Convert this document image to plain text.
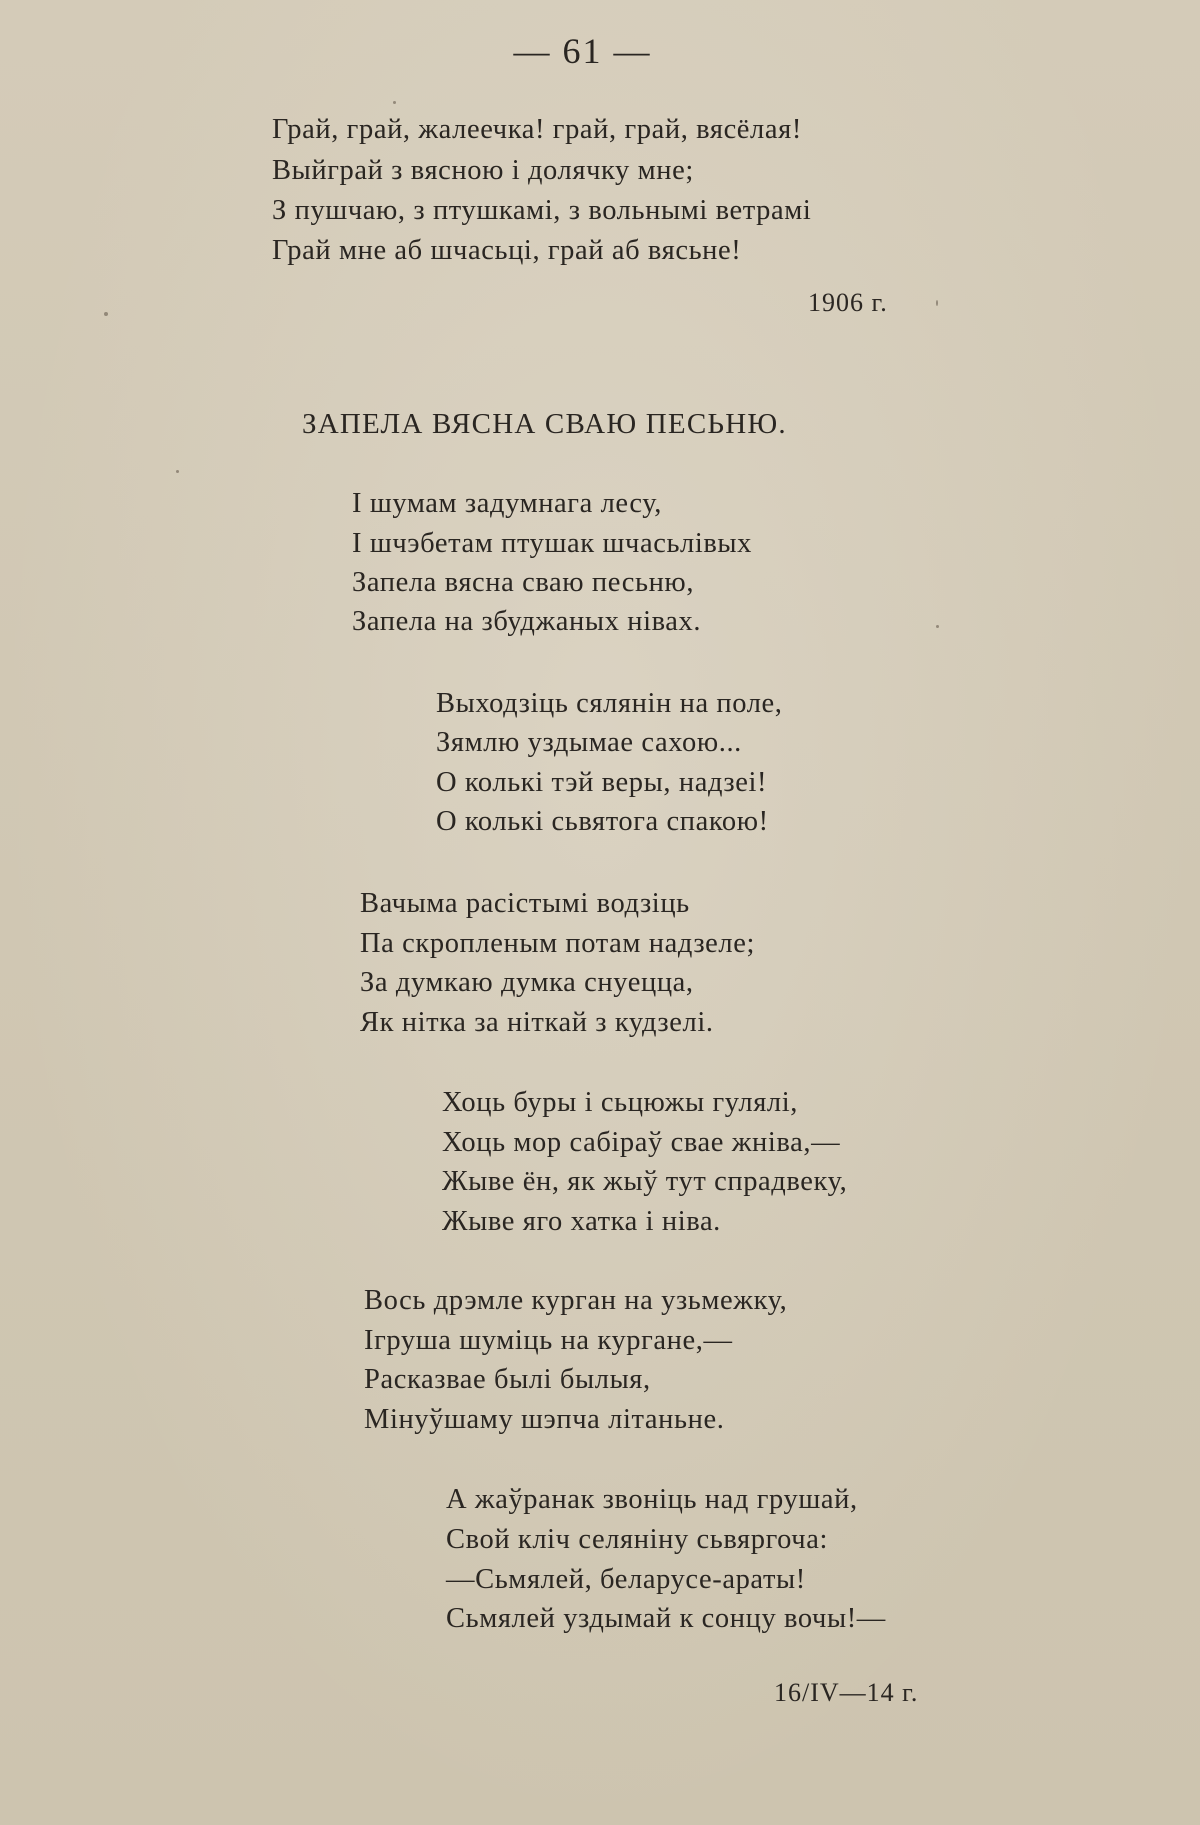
— 61 —
Грай, грай, жалеечка! грай, грай, вясёлая!
Выйграй з вясною і долячку мне;
З пушчаю, з птушкамі, з вольнымі ветрамі
Грай мне аб шчасьці, грай аб вясьне!
1906 г.
ЗАПЕЛА ВЯСНА СВАЮ ПЕСЬНЮ.
І шумам задумнага лесу,
І шчэбетам птушак шчасьлівых
Запела вясна сваю песьню,
Запела на збуджаных нівах.
Выходзіць сялянін на поле,
Зямлю уздымае сахою...
О колькі тэй веры, надзеі!
О колькі сьвятога спакою!
Вачыма расістымі водзіць
Па скропленым потам надзеле;
За думкаю думка снуецца,
Як нітка за ніткай з кудзелі.
Хоць буры і сьцюжы гулялі,
Хоць мор сабіраў свае жніва,—
Жыве ён, як жыў тут спрадвеку,
Жыве яго хатка і ніва.
Вось дрэмле курган на узьмежку,
Ігруша шуміць на кургане,—
Расказвае былі былыя,
Мінуўшаму шэпча літаньне.
А жаўранак звоніць над грушай,
Свой кліч селяніну сьвяргоча:
—Сьмялей, беларусе-араты!
Сьмялей уздымай к сонцу вочы!—
16/IV—14 г.
